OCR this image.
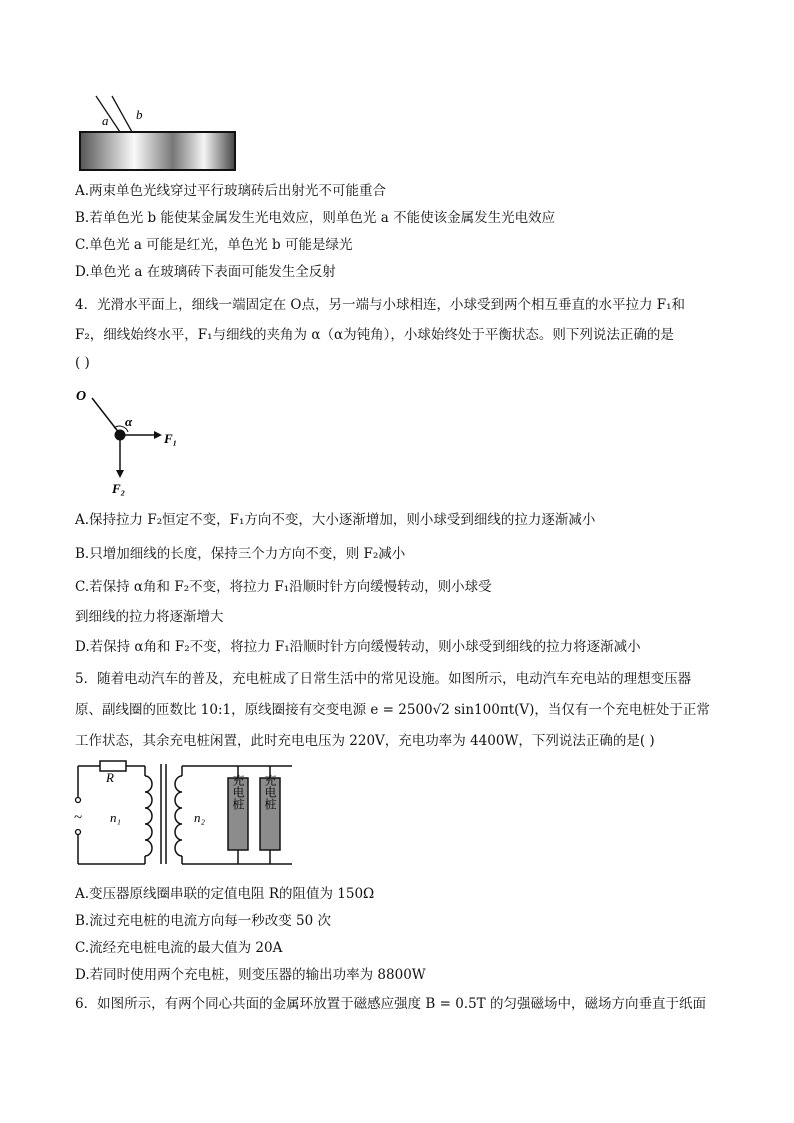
a b
A.两束单色光线穿过平行玻璃砖后出射光不可能重合
B.若单色光 b 能使某金属发生光电效应，则单色光 a 不能使该金属发生光电效应
C.单色光 a 可能是红光，单色光 b 可能是绿光
D.单色光 a 在玻璃砖下表面可能发生全反射
4．光滑水平面上，细线一端固定在 O点，另一端与小球相连，小球受到两个相互垂直的水平拉力 F₁和
F₂，细线始终水平，F₁与细线的夹角为 α（α为钝角），小球始终处于平衡状态。则下列说法正确的是
( )
O
α
F₁
F₂
A.保持拉力 F₂恒定不变，F₁方向不变，大小逐渐增加，则小球受到细线的拉力逐渐减小
B.只增加细线的长度，保持三个力方向不变，则 F₂减小
C.若保持 α角和 F₂不变，将拉力 F₁沿顺时针方向缓慢转动，则小球受
到细线的拉力将逐渐增大
D.若保持 α角和 F₂不变，将拉力 F₁沿顺时针方向缓慢转动，则小球受到细线的拉力将逐渐减小
5．随着电动汽车的普及，充电桩成了日常生活中的常见设施。如图所示，电动汽车充电站的理想变压器
原、副线圈的匝数比 10:1，原线圈接有交变电源 e = 2500√2 sin100πt(V)，当仅有一个充电桩处于正常
工作状态，其余充电桩闲置，此时充电电压为 220V，充电功率为 4400W，下列说法正确的是( )
充电桩 充电桩
R
~ n₁	n₂
A.变压器原线圈串联的定值电阻 R的阻值为 150Ω
B.流过充电桩的电流方向每一秒改变 50 次
C.流经充电桩电流的最大值为 20A
D.若同时使用两个充电桩，则变压器的输出功率为 8800W
6．如图所示，有两个同心共面的金属环放置于磁感应强度 B = 0.5T 的匀强磁场中，磁场方向垂直于纸面
